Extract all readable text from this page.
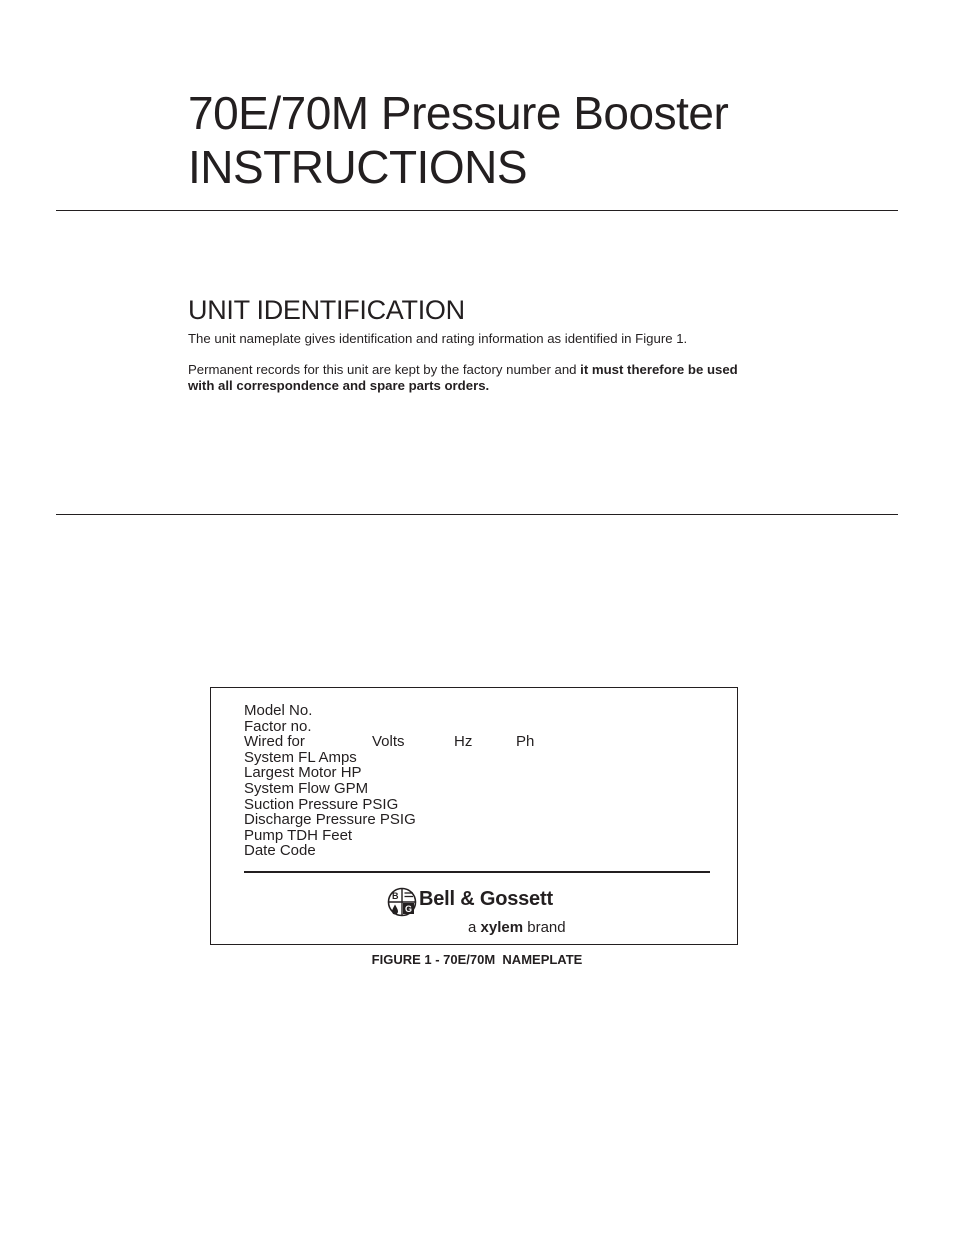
70E/70M Pressure Booster
INSTRUCTIONS
UNIT IDENTIFICATION

The unit nameplate gives identification and rating information as identified in Figure 1.

Permanent records for this unit are kept by the factory number and it must therefore be used with all correspondence and spare parts orders.

Model No.
Factor no.
Wired for	Volts	Hz	Ph
System FL Amps
Largest Motor HP
System Flow GPM
Suction Pressure PSIG
Discharge Pressure PSIG
Pump TDH Feet
Date Code
B
G Bell & Gossett
a xylem brand

FIGURE 1 - 70E/70M  NAMEPLATE
